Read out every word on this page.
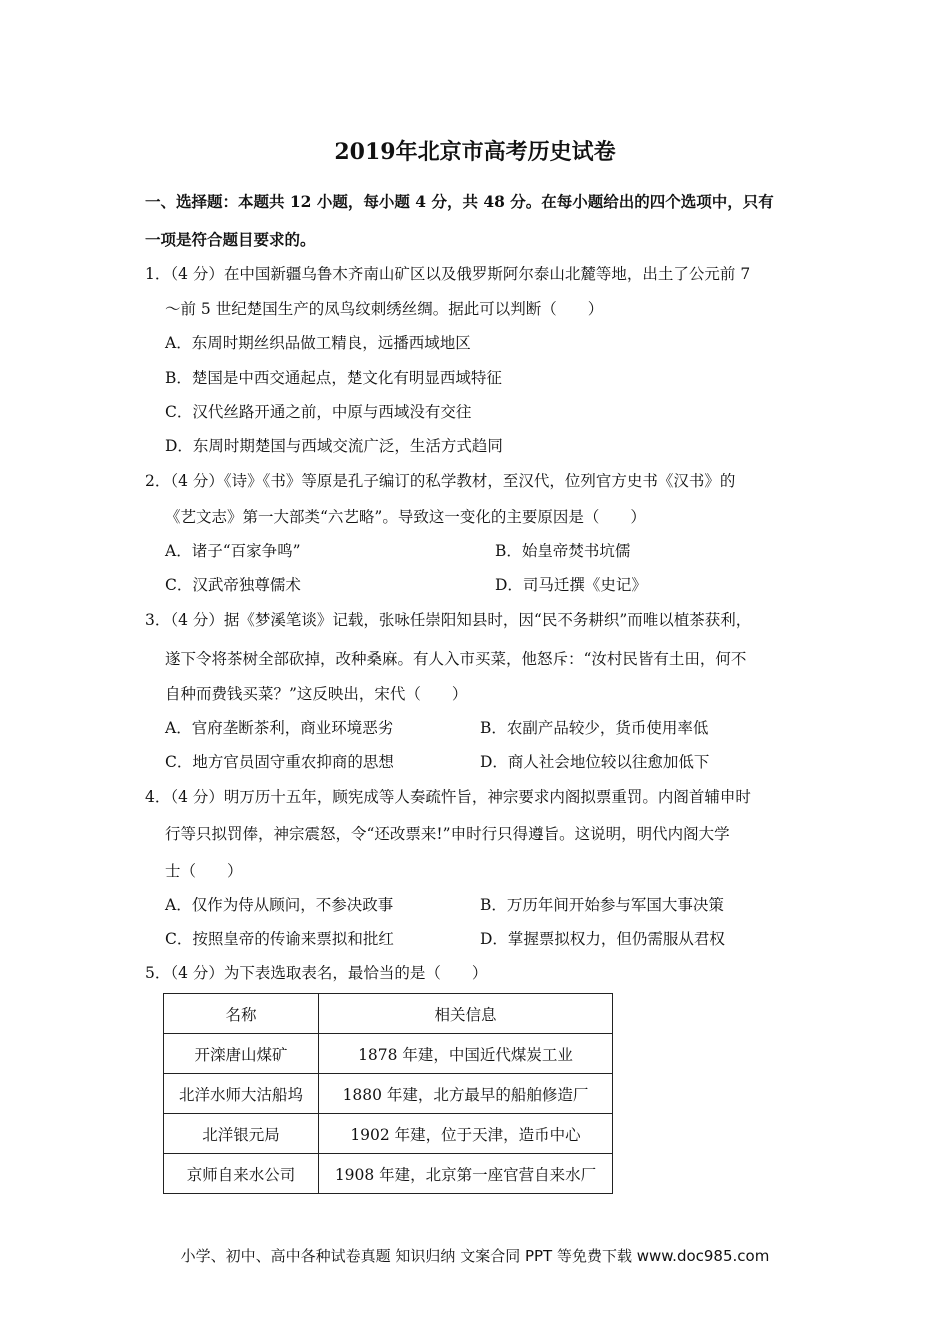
2019年北京市高考历史试卷
一、选择题：本题共 12 小题，每小题 4 分，共 48 分。在每小题给出的四个选项中，只有
一项是符合题目要求的。
1．（4 分）在中国新疆乌鲁木齐南山矿区以及俄罗斯阿尔泰山北麓等地，出土了公元前 7
～前 5 世纪楚国生产的凤鸟纹刺绣丝绸。据此可以判断（　　）
A．东周时期丝织品做工精良，远播西域地区
B．楚国是中西交通起点，楚文化有明显西域特征
C．汉代丝路开通之前，中原与西域没有交往
D．东周时期楚国与西域交流广泛，生活方式趋同
2．（4 分）《诗》《书》等原是孔子编订的私学教材，至汉代，位列官方史书《汉书》的
《艺文志》第一大部类“六艺略”。导致这一变化的主要原因是（　　）
A．诸子“百家争鸣”	B．始皇帝焚书坑儒
C．汉武帝独尊儒术	D．司马迁撰《史记》
3．（4 分）据《梦溪笔谈》记载，张咏任崇阳知县时，因“民不务耕织”而唯以植茶获利，
遂下令将茶树全部砍掉，改种桑麻。有人入市买菜，他怒斥：“汝村民皆有土田，何不
自种而费钱买菜？”这反映出，宋代（　　）
A．官府垄断茶利，商业环境恶劣	B．农副产品较少，货币使用率低
C．地方官员固守重农抑商的思想	D．商人社会地位较以往愈加低下
4．（4 分）明万历十五年，顾宪成等人奏疏忤旨，神宗要求内阁拟票重罚。内阁首辅申时
行等只拟罚俸，神宗震怒，令“还改票来!”申时行只得遵旨。这说明，明代内阁大学
士（　　）
A．仅作为侍从顾问，不参决政事	B．万历年间开始参与军国大事决策
C．按照皇帝的传谕来票拟和批红	D．掌握票拟权力，但仍需服从君权
5．（4 分）为下表选取表名，最恰当的是（　　）
名称	相关信息
开滦唐山煤矿	1878 年建，中国近代煤炭工业
北洋水师大沽船坞	1880 年建，北方最早的船舶修造厂
北洋银元局	1902 年建，位于天津，造币中心
京师自来水公司	1908 年建，北京第一座官营自来水厂
小学、初中、高中各种试卷真题 知识归纳 文案合同 PPT 等免费下载 www.doc985.com
